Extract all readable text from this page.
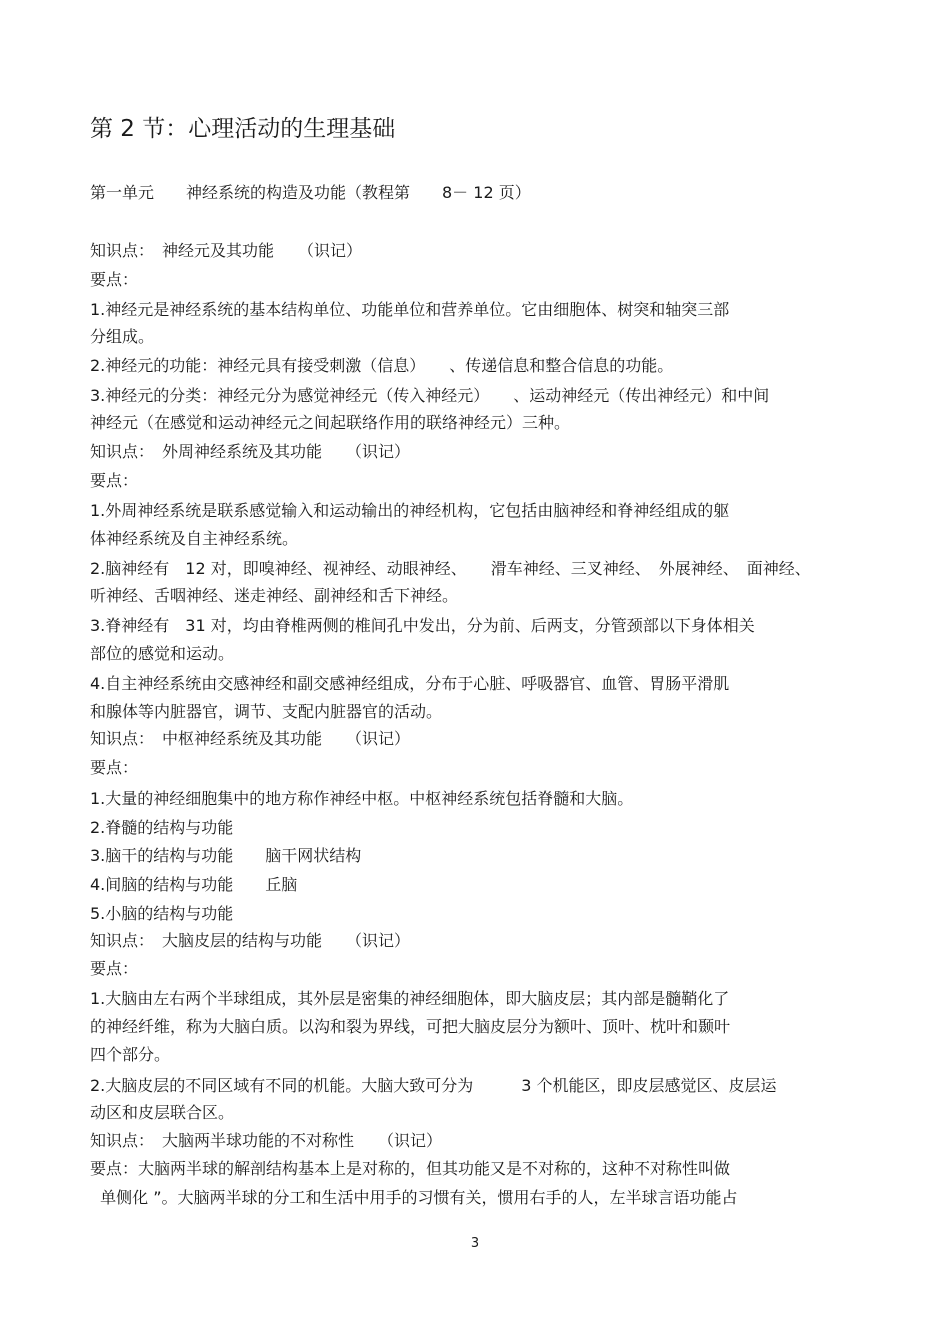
第 2 节：心理活动的生理基础
第一单元　　神经系统的构造及功能（教程第　　8－ 12 页）
知识点：　神经元及其功能　　（识记）
要点：
1.神经元是神经系统的基本结构单位、功能单位和营养单位。它由细胞体、树突和轴突三部
分组成。
2.神经元的功能：神经元具有接受刺激（信息）　　、传递信息和整合信息的功能。
3.神经元的分类：神经元分为感觉神经元（传入神经元）　　、运动神经元（传出神经元）和中间
神经元（在感觉和运动神经元之间起联络作用的联络神经元）三种。
知识点：　外周神经系统及其功能　　（识记）
要点：
1.外周神经系统是联系感觉输入和运动输出的神经机构，它包括由脑神经和脊神经组成的躯
体神经系统及自主神经系统。
2.脑神经有　12 对，即嗅神经、视神经、动眼神经、　　滑车神经、三叉神经、　外展神经、　面神经、
听神经、舌咽神经、迷走神经、副神经和舌下神经。
3.脊神经有　31 对，均由脊椎两侧的椎间孔中发出，分为前、后两支，分管颈部以下身体相关
部位的感觉和运动。
4.自主神经系统由交感神经和副交感神经组成，分布于心脏、呼吸器官、血管、胃肠平滑肌
和腺体等内脏器官，调节、支配内脏器官的活动。
知识点：　中枢神经系统及其功能　　（识记）
要点：
1.大量的神经细胞集中的地方称作神经中枢。中枢神经系统包括脊髓和大脑。
2.脊髓的结构与功能
3.脑干的结构与功能　　脑干网状结构
4.间脑的结构与功能　　丘脑
5.小脑的结构与功能
知识点：　大脑皮层的结构与功能　　（识记）
要点：
1.大脑由左右两个半球组成，其外层是密集的神经细胞体，即大脑皮层；其内部是髓鞘化了
的神经纤维，称为大脑白质。以沟和裂为界线，可把大脑皮层分为额叶、顶叶、枕叶和颞叶
四个部分。
2.大脑皮层的不同区域有不同的机能。大脑大致可分为　　　3 个机能区，即皮层感觉区、皮层运
动区和皮层联合区。
知识点：　大脑两半球功能的不对称性　　（识记）
要点：大脑两半球的解剖结构基本上是对称的，但其功能又是不对称的，这种不对称性叫做
单侧化 ”。大脑两半球的分工和生活中用手的习惯有关，惯用右手的人，左半球言语功能占
3
